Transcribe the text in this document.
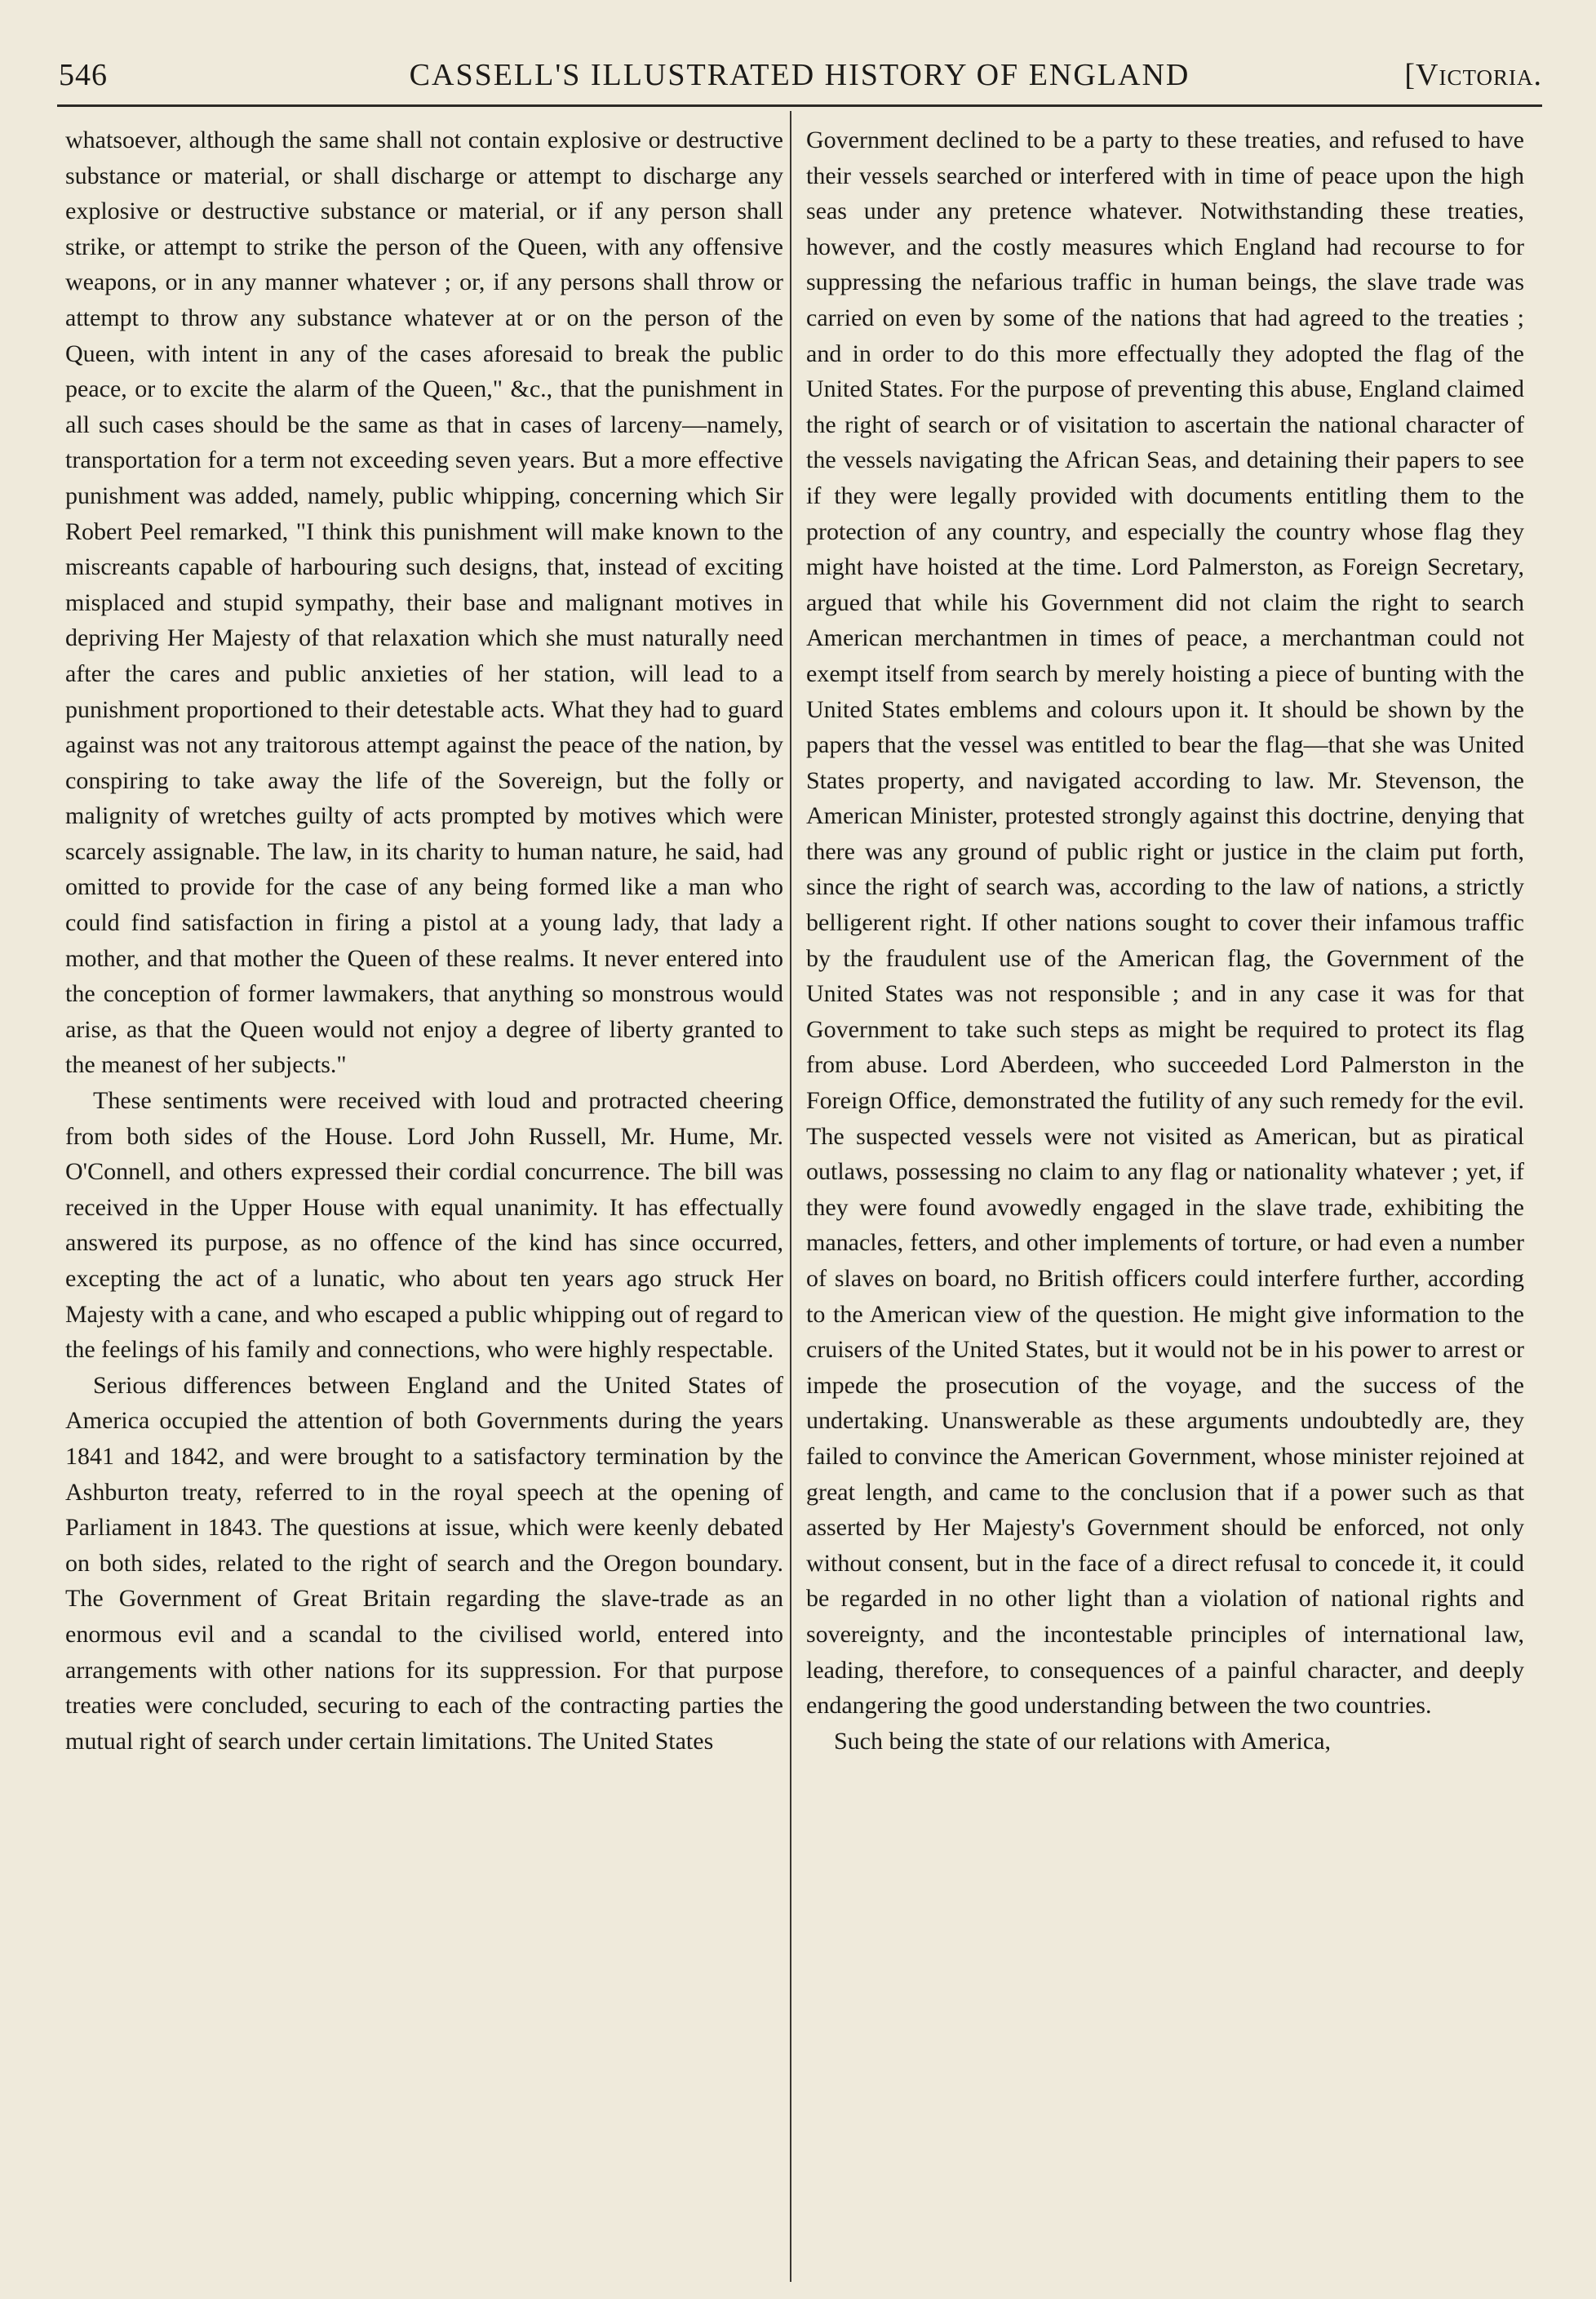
546	CASSELL'S ILLUSTRATED HISTORY OF ENGLAND	[Victoria.

whatsoever, although the same shall not contain explosive or destructive substance or material, or shall discharge or attempt to discharge any explosive or destructive substance or material, or if any person shall strike, or attempt to strike the person of the Queen, with any offensive weapons, or in any manner whatever ; or, if any persons shall throw or attempt to throw any substance whatever at or on the person of the Queen, with intent in any of the cases aforesaid to break the public peace, or to excite the alarm of the Queen," &c., that the punishment in all such cases should be the same as that in cases of larceny—namely, transportation for a term not exceeding seven years. But a more effective punishment was added, namely, public whipping, concerning which Sir Robert Peel remarked, "I think this punishment will make known to the miscreants capable of harbouring such designs, that, instead of exciting misplaced and stupid sympathy, their base and malignant motives in depriving Her Majesty of that relaxation which she must naturally need after the cares and public anxieties of her station, will lead to a punishment proportioned to their detestable acts. What they had to guard against was not any traitorous attempt against the peace of the nation, by conspiring to take away the life of the Sovereign, but the folly or malignity of wretches guilty of acts prompted by motives which were scarcely assignable. The law, in its charity to human nature, he said, had omitted to provide for the case of any being formed like a man who could find satisfaction in firing a pistol at a young lady, that lady a mother, and that mother the Queen of these realms. It never entered into the conception of former lawmakers, that anything so monstrous would arise, as that the Queen would not enjoy a degree of liberty granted to the meanest of her subjects."

These sentiments were received with loud and protracted cheering from both sides of the House. Lord John Russell, Mr. Hume, Mr. O'Connell, and others expressed their cordial concurrence. The bill was received in the Upper House with equal unanimity. It has effectually answered its purpose, as no offence of the kind has since occurred, excepting the act of a lunatic, who about ten years ago struck Her Majesty with a cane, and who escaped a public whipping out of regard to the feelings of his family and connections, who were highly respectable.

Serious differences between England and the United States of America occupied the attention of both Governments during the years 1841 and 1842, and were brought to a satisfactory termination by the Ashburton treaty, referred to in the royal speech at the opening of Parliament in 1843. The questions at issue, which were keenly debated on both sides, related to the right of search and the Oregon boundary. The Government of Great Britain regarding the slave-trade as an enormous evil and a scandal to the civilised world, entered into arrangements with other nations for its suppression. For that purpose treaties were concluded, securing to each of the contracting parties the mutual right of search under certain limitations. The United States

Government declined to be a party to these treaties, and refused to have their vessels searched or interfered with in time of peace upon the high seas under any pretence whatever. Notwithstanding these treaties, however, and the costly measures which England had recourse to for suppressing the nefarious traffic in human beings, the slave trade was carried on even by some of the nations that had agreed to the treaties ; and in order to do this more effectually they adopted the flag of the United States. For the purpose of preventing this abuse, England claimed the right of search or of visitation to ascertain the national character of the vessels navigating the African Seas, and detaining their papers to see if they were legally provided with documents entitling them to the protection of any country, and especially the country whose flag they might have hoisted at the time. Lord Palmerston, as Foreign Secretary, argued that while his Government did not claim the right to search American merchantmen in times of peace, a merchantman could not exempt itself from search by merely hoisting a piece of bunting with the United States emblems and colours upon it. It should be shown by the papers that the vessel was entitled to bear the flag—that she was United States property, and navigated according to law. Mr. Stevenson, the American Minister, protested strongly against this doctrine, denying that there was any ground of public right or justice in the claim put forth, since the right of search was, according to the law of nations, a strictly belligerent right. If other nations sought to cover their infamous traffic by the fraudulent use of the American flag, the Government of the United States was not responsible ; and in any case it was for that Government to take such steps as might be required to protect its flag from abuse. Lord Aberdeen, who succeeded Lord Palmerston in the Foreign Office, demonstrated the futility of any such remedy for the evil. The suspected vessels were not visited as American, but as piratical outlaws, possessing no claim to any flag or nationality whatever ; yet, if they were found avowedly engaged in the slave trade, exhibiting the manacles, fetters, and other implements of torture, or had even a number of slaves on board, no British officers could interfere further, according to the American view of the question. He might give information to the cruisers of the United States, but it would not be in his power to arrest or impede the prosecution of the voyage, and the success of the undertaking. Unanswerable as these arguments undoubtedly are, they failed to convince the American Government, whose minister rejoined at great length, and came to the conclusion that if a power such as that asserted by Her Majesty's Government should be enforced, not only without consent, but in the face of a direct refusal to concede it, it could be regarded in no other light than a violation of national rights and sovereignty, and the incontestable principles of international law, leading, therefore, to consequences of a painful character, and deeply endangering the good understanding between the two countries.

Such being the state of our relations with America,
